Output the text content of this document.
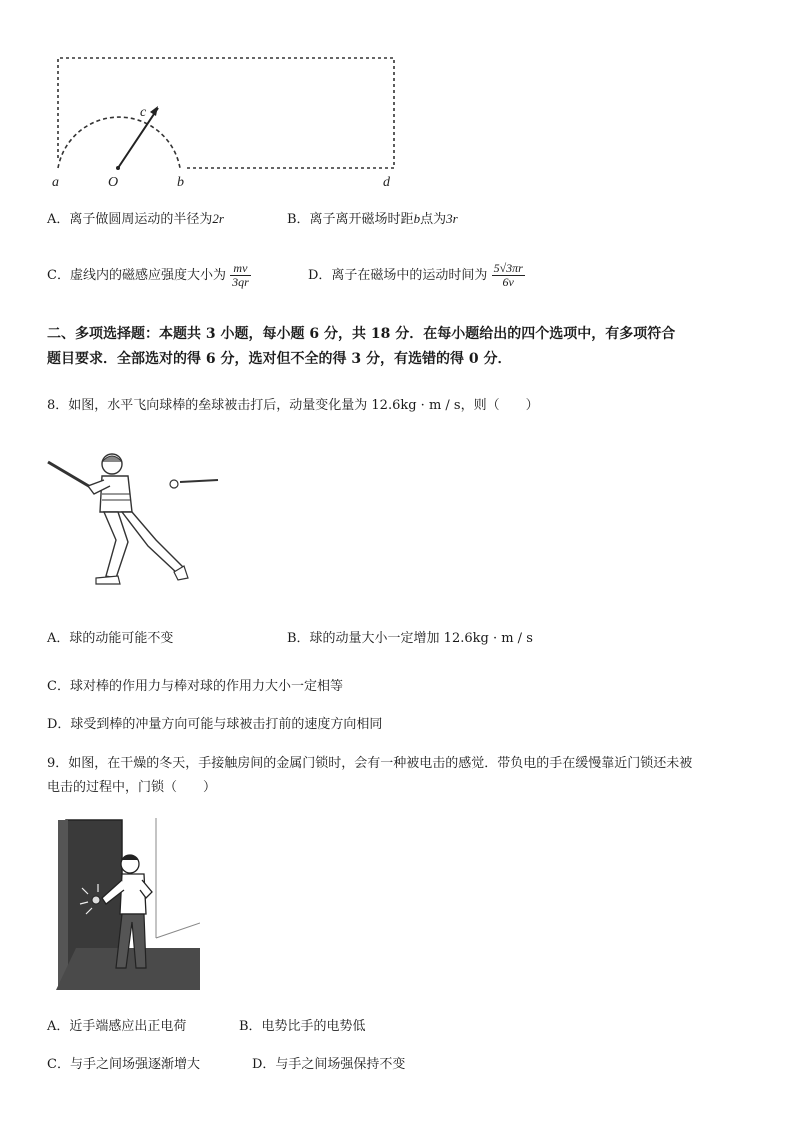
c
a	O	b	d
A．离子做圆周运动的半径为2r	B．离子离开磁场时距b点为3r
C．虚线内的磁感应强度大小为 $\frac{mv}{3qr}$	D．离子在磁场中的运动时间为 $\frac{5√3\pi r}{6v}$
二、多项选择题：本题共 3 小题，每小题 6 分，共 18 分．在每小题给出的四个选项中，有多项符合
题目要求．全部选对的得 6 分，选对但不全的得 3 分，有选错的得 0 分．
8．如图，水平飞向球棒的垒球被击打后，动量变化量为 12.6kg · m / s，则（　　）
A．球的动能可能不变	B．球的动量大小一定增加 12.6kg · m / s
C．球对棒的作用力与棒对球的作用力大小一定相等
D．球受到棒的冲量方向可能与球被击打前的速度方向相同
9．如图，在干燥的冬天，手接触房间的金属门锁时，会有一种被电击的感觉．带负电的手在缓慢靠近门锁还未被
电击的过程中，门锁（　　）
A．近手端感应出正电荷	B．电势比手的电势低
C．与手之间场强逐渐增大	D．与手之间场强保持不变
